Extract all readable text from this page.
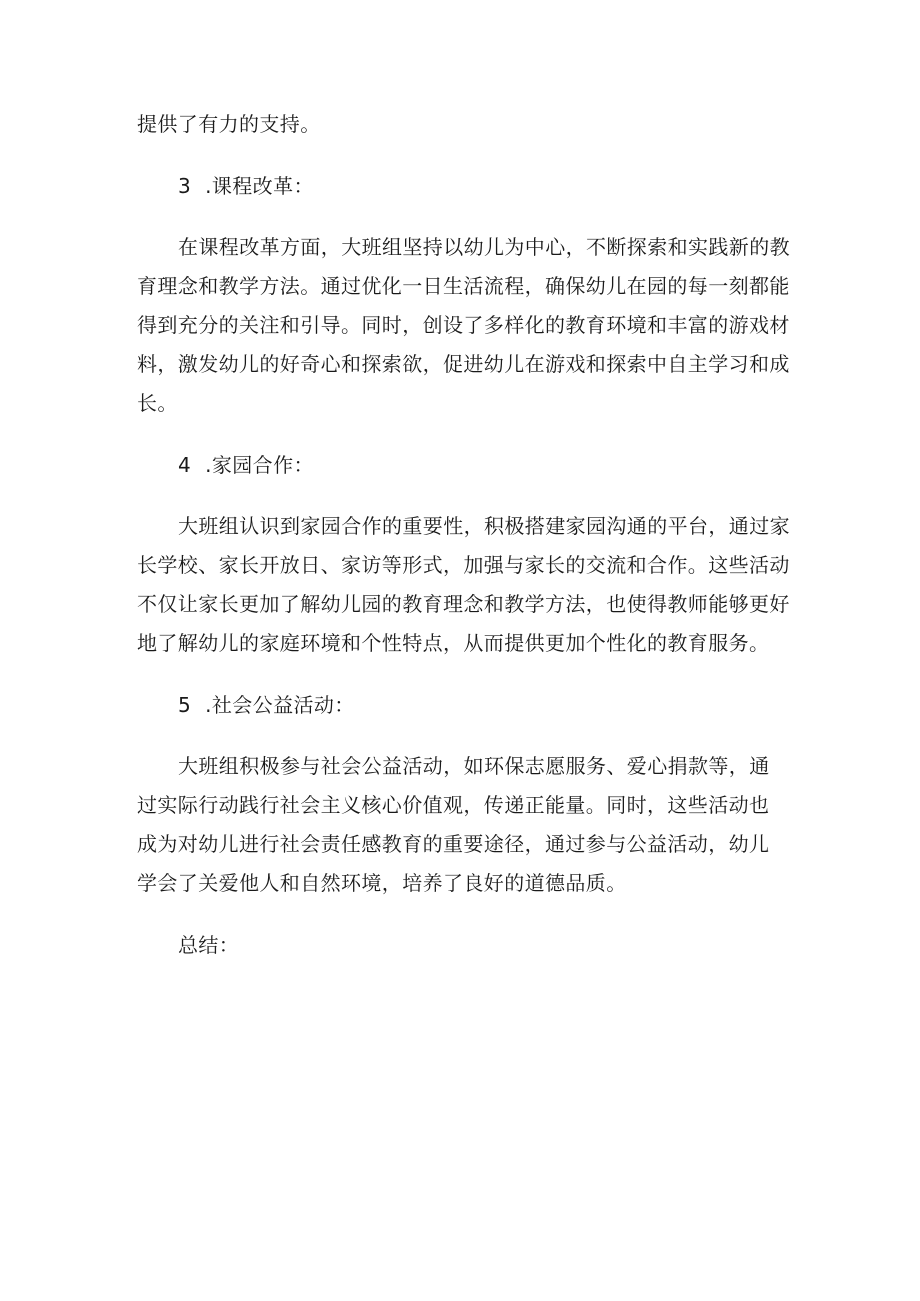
提供了有力的支持。
3 .课程改革：
在课程改革方面，大班组坚持以幼儿为中心，不断探索和实践新的教
育理念和教学方法。通过优化一日生活流程，确保幼儿在园的每一刻都能
得到充分的关注和引导。同时，创设了多样化的教育环境和丰富的游戏材
料，激发幼儿的好奇心和探索欲，促进幼儿在游戏和探索中自主学习和成
长。
4 .家园合作：
大班组认识到家园合作的重要性，积极搭建家园沟通的平台，通过家
长学校、家长开放日、家访等形式，加强与家长的交流和合作。这些活动
不仅让家长更加了解幼儿园的教育理念和教学方法，也使得教师能够更好
地了解幼儿的家庭环境和个性特点，从而提供更加个性化的教育服务。
5 .社会公益活动：
大班组积极参与社会公益活动，如环保志愿服务、爱心捐款等，通
过实际行动践行社会主义核心价值观，传递正能量。同时，这些活动也
成为对幼儿进行社会责任感教育的重要途径，通过参与公益活动，幼儿
学会了关爱他人和自然环境，培养了良好的道德品质。
总结：
